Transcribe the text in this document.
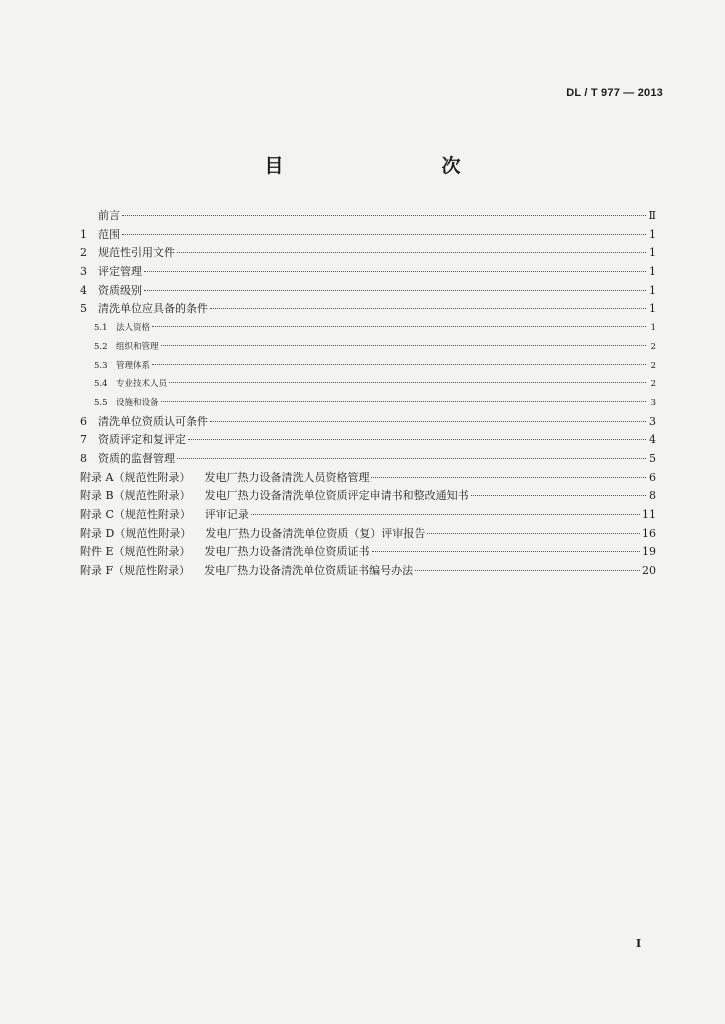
DL / T 977 — 2013
目　　次
前言	Ⅱ
1	范围	1
2	规范性引用文件	1
3	评定管理	1
4	资质级别	1
5	清洗单位应具备的条件	1
5.1 法人资格	1
5.2 组织和管理	2
5.3 管理体系	2
5.4 专业技术人员	2
5.5 设施和设备	3
6	清洗单位资质认可条件	3
7	资质评定和复评定	4
8	资质的监督管理	5
附录 A（规范性附录） 发电厂热力设备清洗人员资格管理	6
附录 B（规范性附录） 发电厂热力设备清洗单位资质评定申请书和整改通知书	8
附录 C（规范性附录） 评审记录	11
附录 D（规范性附录） 发电厂热力设备清洗单位资质（复）评审报告	16
附件 E（规范性附录） 发电厂热力设备清洗单位资质证书	19
附录 F（规范性附录） 发电厂热力设备清洗单位资质证书编号办法	20
I
